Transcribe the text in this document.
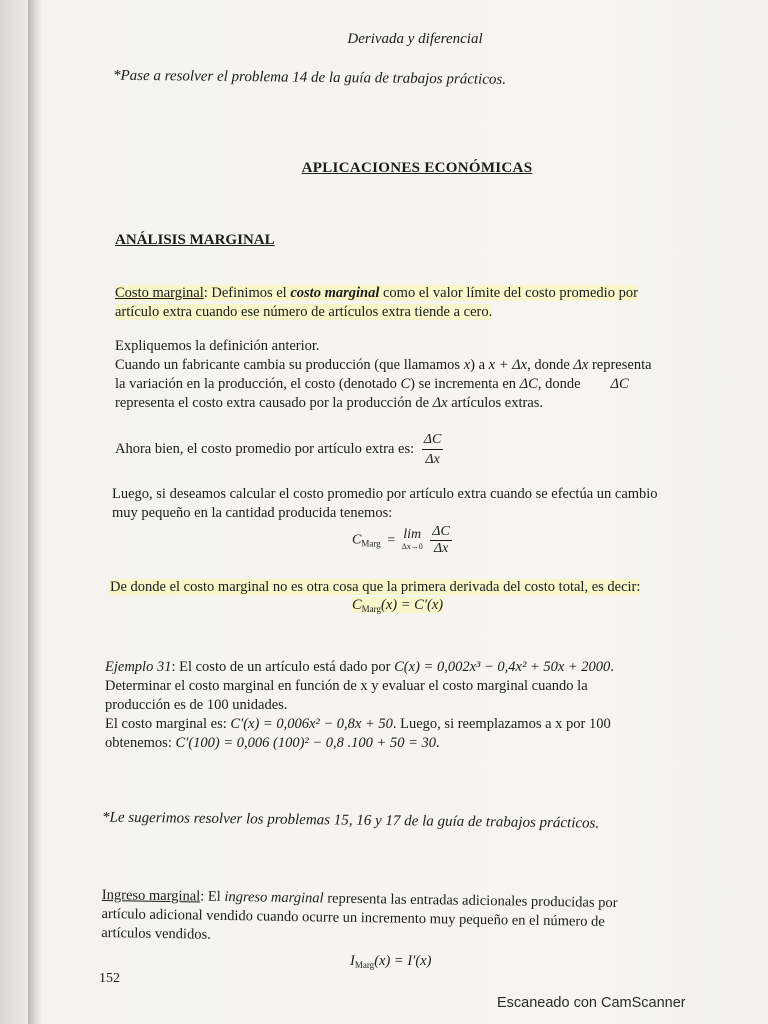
Derivada y diferencial
*Pase a resolver el problema 14 de la guía de trabajos prácticos.
APLICACIONES ECONÓMICAS
ANÁLISIS MARGINAL
Costo marginal: Definimos el costo marginal como el valor límite del costo promedio por
artículo extra cuando ese número de artículos extra tiende a cero.
Expliquemos la definición anterior.
Cuando un fabricante cambia su producción (que llamamos x) a x + Δx, donde Δx representa
la variación en la producción, el costo (denotado C) se incrementa en ΔC, donde ΔC
representa el costo extra causado por la producción de Δx artículos extras.
Ahora bien, el costo promedio por artículo extra es: $\frac{\Delta C}{\Delta x}$
Luego, si deseamos calcular el costo promedio por artículo extra cuando se efectúa un cambio
muy pequeño en la cantidad producida tenemos:
$C_{Marg} = \lim$
Δx→0
$\frac{\Delta C}{\Delta x}$
De donde el costo marginal no es otra cosa que la primera derivada del costo total, es decir:
$C_{Marg}(x) = C'(x)$
Ejemplo 31: El costo de un artículo está dado por C(x) = 0,002x³ − 0,4x² + 50x + 2000.
Determinar el costo marginal en función de x y evaluar el costo marginal cuando la
producción es de 100 unidades.
El costo marginal es: C′(x) = 0,006x² − 0,8x + 50. Luego, si reemplazamos a x por 100
obtenemos: C′(100) = 0,006 (100)² − 0,8 .100 + 50 = 30.
*Le sugerimos resolver los problemas 15, 16 y 17 de la guía de trabajos prácticos.
Ingreso marginal: El ingreso marginal representa las entradas adicionales producidas por
artículo adicional vendido cuando ocurre un incremento muy pequeño en el número de
artículos vendidos.
$I_{Marg}(x) = I'(x)$
152
Escaneado con CamScanner
